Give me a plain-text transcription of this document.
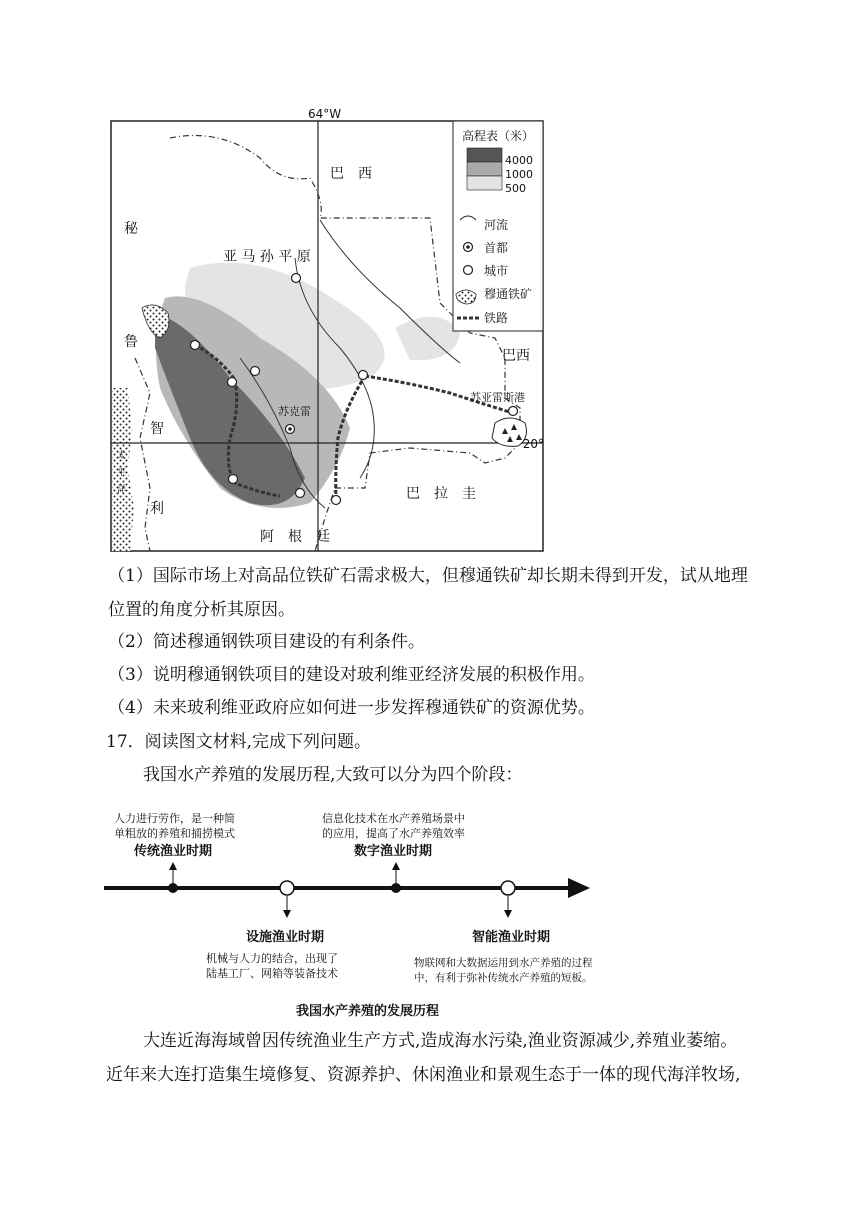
64°W
20°
巴　西
巴西
秘
鲁
智
利
巴　拉　圭
阿　根　廷
太
平
洋
亚 马 孙 平 原
苏克雷
苏亚雷斯港
高程表（米）
4000
1000
500
河流
首都
城市
穆通铁矿
铁路
（1）国际市场上对高品位铁矿石需求极大，但穆通铁矿却长期未得到开发，试从地理
位置的角度分析其原因。
（2）简述穆通钢铁项目建设的有利条件。
（3）说明穆通钢铁项目的建设对玻利维亚经济发展的积极作用。
（4）未来玻利维亚政府应如何进一步发挥穆通铁矿的资源优势。
17．阅读图文材料,完成下列问题。
我国水产养殖的发展历程,大致可以分为四个阶段：
人力进行劳作，是一种简
单粗放的养殖和捕捞模式
传统渔业时期
设施渔业时期
机械与人力的结合，出现了
陆基工厂、网箱等装备技术
信息化技术在水产养殖场景中
的应用，提高了水产养殖效率
数字渔业时期
智能渔业时期
物联网和大数据运用到水产养殖的过程
中，有利于弥补传统水产养殖的短板。
我国水产养殖的发展历程
大连近海海域曾因传统渔业生产方式,造成海水污染,渔业资源减少,养殖业萎缩。
近年来大连打造集生境修复、资源养护、休闲渔业和景观生态于一体的现代海洋牧场,
